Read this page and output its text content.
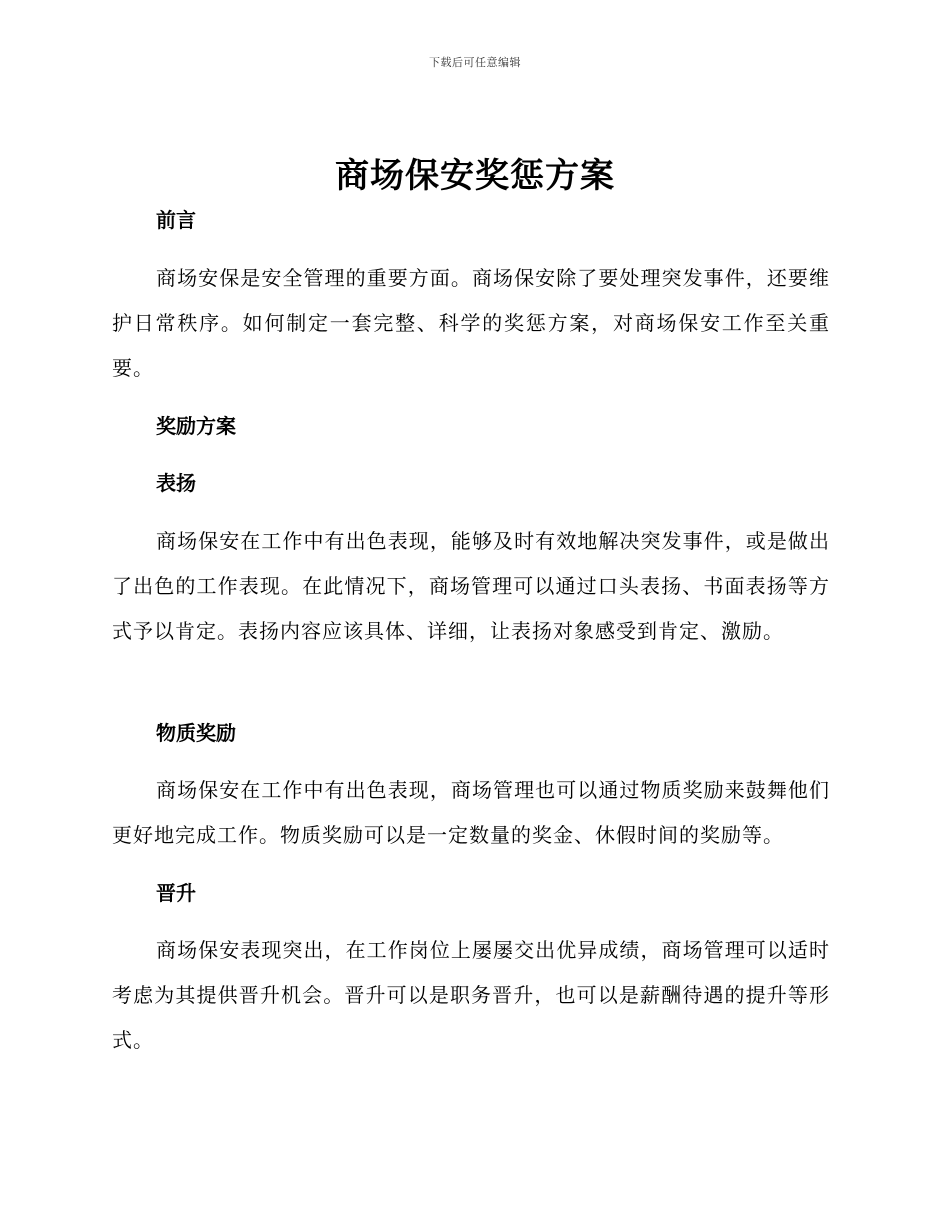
下载后可任意编辑
商场保安奖惩方案
前言
商场安保是安全管理的重要方面。商场保安除了要处理突发事件，还要维护日常秩序。如何制定一套完整、科学的奖惩方案，对商场保安工作至关重要。
奖励方案
表扬
商场保安在工作中有出色表现，能够及时有效地解决突发事件，或是做出了出色的工作表现。在此情况下，商场管理可以通过口头表扬、书面表扬等方式予以肯定。表扬内容应该具体、详细，让表扬对象感受到肯定、激励。
物质奖励
商场保安在工作中有出色表现，商场管理也可以通过物质奖励来鼓舞他们更好地完成工作。物质奖励可以是一定数量的奖金、休假时间的奖励等。
晋升
商场保安表现突出，在工作岗位上屡屡交出优异成绩，商场管理可以适时考虑为其提供晋升机会。晋升可以是职务晋升，也可以是薪酬待遇的提升等形式。
